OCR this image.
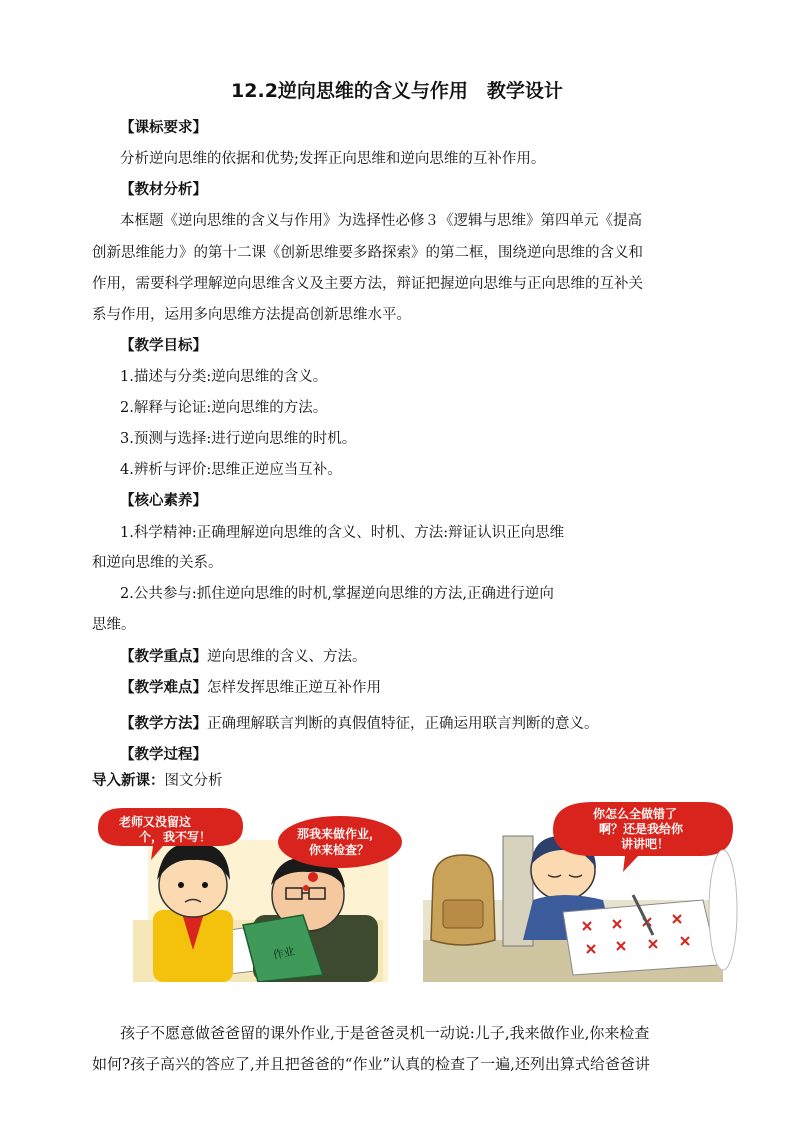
12.2逆向思维的含义与作用　教学设计
【课标要求】
分析逆向思维的依据和优势;发挥正向思维和逆向思维的互补作用。
【教材分析】
本框题《逆向思维的含义与作用》为选择性必修３《逻辑与思维》第四单元《提高
创新思维能力》的第十二课《创新思维要多路探索》的第二框，围绕逆向思维的含义和
作用，需要科学理解逆向思维含义及主要方法，辩证把握逆向思维与正向思维的互补关
系与作用，运用多向思维方法提高创新思维水平。
【教学目标】
1.描述与分类:逆向思维的含义。
2.解释与论证:逆向思维的方法。
3.预测与选择:进行逆向思维的时机。
4.辨析与评价:思维正逆应当互补。
【核心素养】
1.科学精神:正确理解逆向思维的含义、时机、方法:辩证认识正向思维
和逆向思维的关系。
2.公共参与:抓住逆向思维的时机,掌握逆向思维的方法,正确进行逆向
思维。
【教学重点】逆向思维的含义、方法。
【教学难点】怎样发挥思维正逆互补作用
【教学方法】正确理解联言判断的真假值特征，正确运用联言判断的意义。
【教学过程】
导入新课：图文分析
作业
老师又没留这
个，我不写！	那我来做作业，
你来检查？
你怎么全做错了
啊？还是我给你
讲讲吧！
孩子不愿意做爸爸留的课外作业,于是爸爸灵机一动说:儿子,我来做作业,你来检查
如何?孩子高兴的答应了,并且把爸爸的“作业”认真的检查了一遍,还列出算式给爸爸讲
